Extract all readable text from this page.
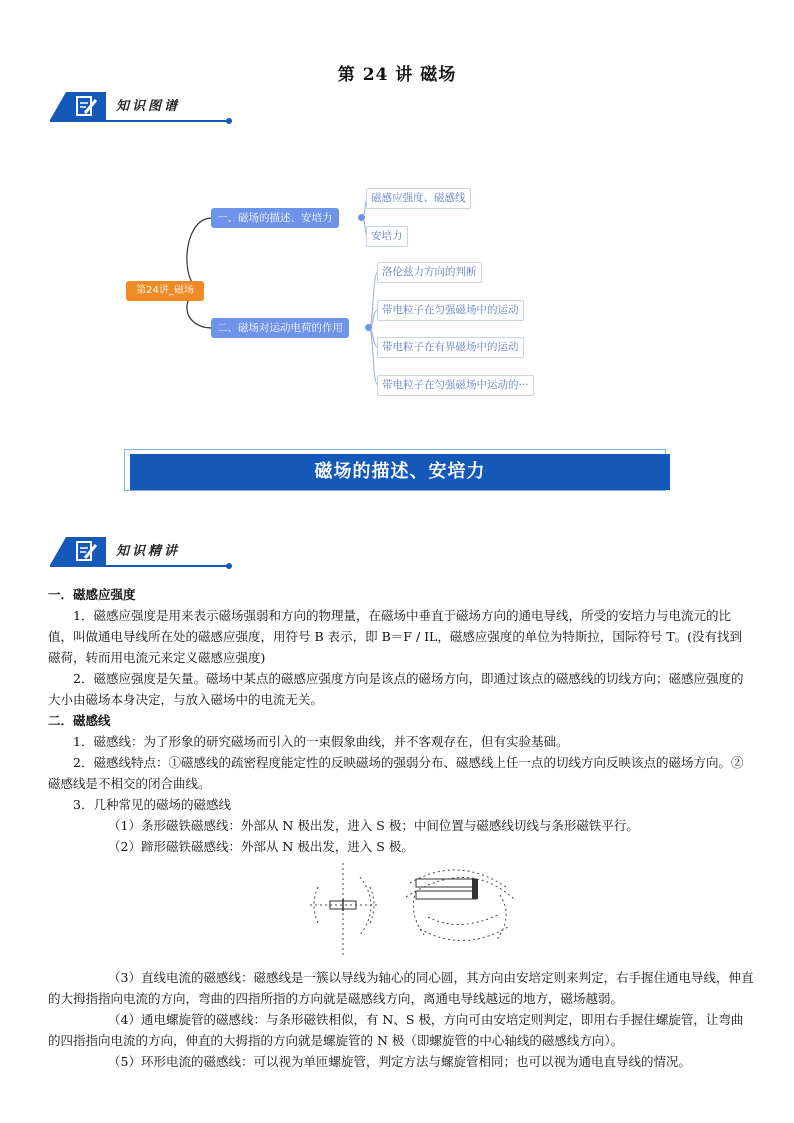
第 24 讲 磁场
知识图谱
第24讲_磁场
一、磁场的描述、安培力
磁感应强度、磁感线
安培力
二、磁场对运动电荷的作用
洛伦兹力方向的判断
带电粒子在匀强磁场中的运动
带电粒子在有界磁场中的运动
带电粒子在匀强磁场中运动的···
磁场的描述、安培力
知识精讲

一．磁感应强度

1．磁感应强度是用来表示磁场强弱和方向的物理量，在磁场中垂直于磁场方向的通电导线，所受的安培力与电流元的比值，叫做通电导线所在处的磁感应强度，用符号 B 表示，即 B＝F / IL，磁感应强度的单位为特斯拉，国际符号 T。(没有找到磁荷，转而用电流元来定义磁感应强度)

2．磁感应强度是矢量。磁场中某点的磁感应强度方向是该点的磁场方向，即通过该点的磁感线的切线方向；磁感应强度的大小由磁场本身决定，与放入磁场中的电流无关。

二．磁感线

1．磁感线：为了形象的研究磁场而引入的一束假象曲线，并不客观存在，但有实验基础。

2．磁感线特点：①磁感线的疏密程度能定性的反映磁场的强弱分布、磁感线上任一点的切线方向反映该点的磁场方向。②磁感线是不相交的闭合曲线。

3．几种常见的磁场的磁感线

（1）条形磁铁磁感线：外部从 N 极出发，进入 S 极；中间位置与磁感线切线与条形磁铁平行。

（2）蹄形磁铁磁感线：外部从 N 极出发，进入 S 极。

（3）直线电流的磁感线：磁感线是一簇以导线为轴心的同心圆，其方向由安培定则来判定，右手握住通电导线，伸直的大拇指指向电流的方向，弯曲的四指所指的方向就是磁感线方向，离通电导线越远的地方，磁场越弱。

（4）通电螺旋管的磁感线：与条形磁铁相似，有 N、S 极，方向可由安培定则判定，即用右手握住螺旋管，让弯曲的四指指向电流的方向，伸直的大拇指的方向就是螺旋管的 N 极（即螺旋管的中心轴线的磁感线方向）。

（5）环形电流的磁感线：可以视为单匝螺旋管，判定方法与螺旋管相同；也可以视为通电直导线的情况。
